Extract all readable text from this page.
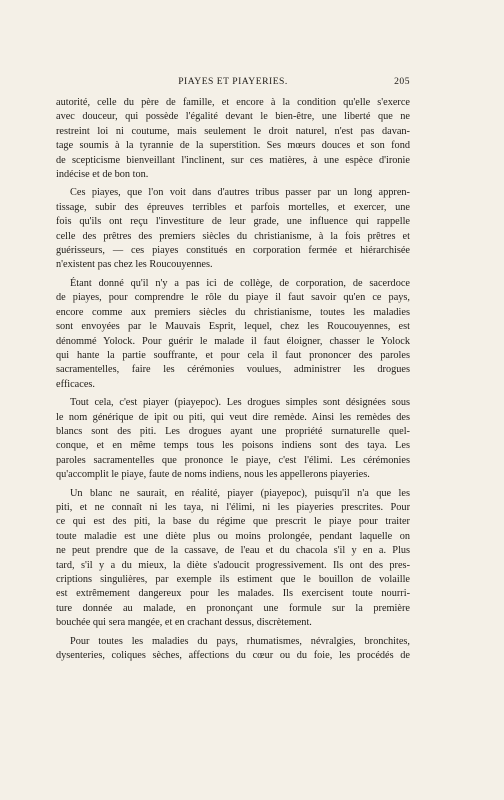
PIAYES ET PIAYERIES.	205

autorité, celle du père de famille, et encore à la condition qu'elle s'exerce
avec douceur, qui possède l'égalité devant le bien-être, une liberté que ne
restreint loi ni coutume, mais seulement le droit naturel, n'est pas davan-
tage soumis à la tyrannie de la superstition. Ses mœurs douces et son fond
de scepticisme bienveillant l'inclinent, sur ces matières, à une espèce d'ironie
indécise et de bon ton.

Ces piayes, que l'on voit dans d'autres tribus passer par un long appren-
tissage, subir des épreuves terribles et parfois mortelles, et exercer, une
fois qu'ils ont reçu l'investiture de leur grade, une influence qui rappelle
celle des prêtres des premiers siècles du christianisme, à la fois prêtres et
guérisseurs, — ces piayes constitués en corporation fermée et hiérarchisée
n'existent pas chez les Roucouyennes.

Étant donné qu'il n'y a pas ici de collège, de corporation, de sacerdoce
de piayes, pour comprendre le rôle du piaye il faut savoir qu'en ce pays,
encore comme aux premiers siècles du christianisme, toutes les maladies
sont envoyées par le Mauvais Esprit, lequel, chez les Roucouyennes, est
dénommé Yolock. Pour guérir le malade il faut éloigner, chasser le Yolock
qui hante la partie souffrante, et pour cela il faut prononcer des paroles
sacramentelles, faire les cérémonies voulues, administrer les drogues
efficaces.

Tout cela, c'est piayer (piayepoc). Les drogues simples sont désignées sous
le nom générique de ipit ou piti, qui veut dire remède. Ainsi les remèdes des
blancs sont des piti. Les drogues ayant une propriété surnaturelle quel-
conque, et en même temps tous les poisons indiens sont des taya. Les
paroles sacramentelles que prononce le piaye, c'est l'élimi. Les cérémonies
qu'accomplit le piaye, faute de noms indiens, nous les appellerons piayeries.

Un blanc ne saurait, en réalité, piayer (piayepoc), puisqu'il n'a que les
piti, et ne connaît ni les taya, ni l'élimi, ni les piayeries prescrites. Pour
ce qui est des piti, la base du régime que prescrit le piaye pour traiter
toute maladie est une diète plus ou moins prolongée, pendant laquelle on
ne peut prendre que de la cassave, de l'eau et du chacola s'il y en a. Plus
tard, s'il y a du mieux, la diète s'adoucit progressivement. Ils ont des pres-
criptions singulières, par exemple ils estiment que le bouillon de volaille
est extrêmement dangereux pour les malades. Ils exercisent toute nourri-
ture donnée au malade, en prononçant une formule sur la première
bouchée qui sera mangée, et en crachant dessus, discrètement.

Pour toutes les maladies du pays, rhumatismes, névralgies, bronchites,
dysenteries, coliques sèches, affections du cœur ou du foie, les procédés de
